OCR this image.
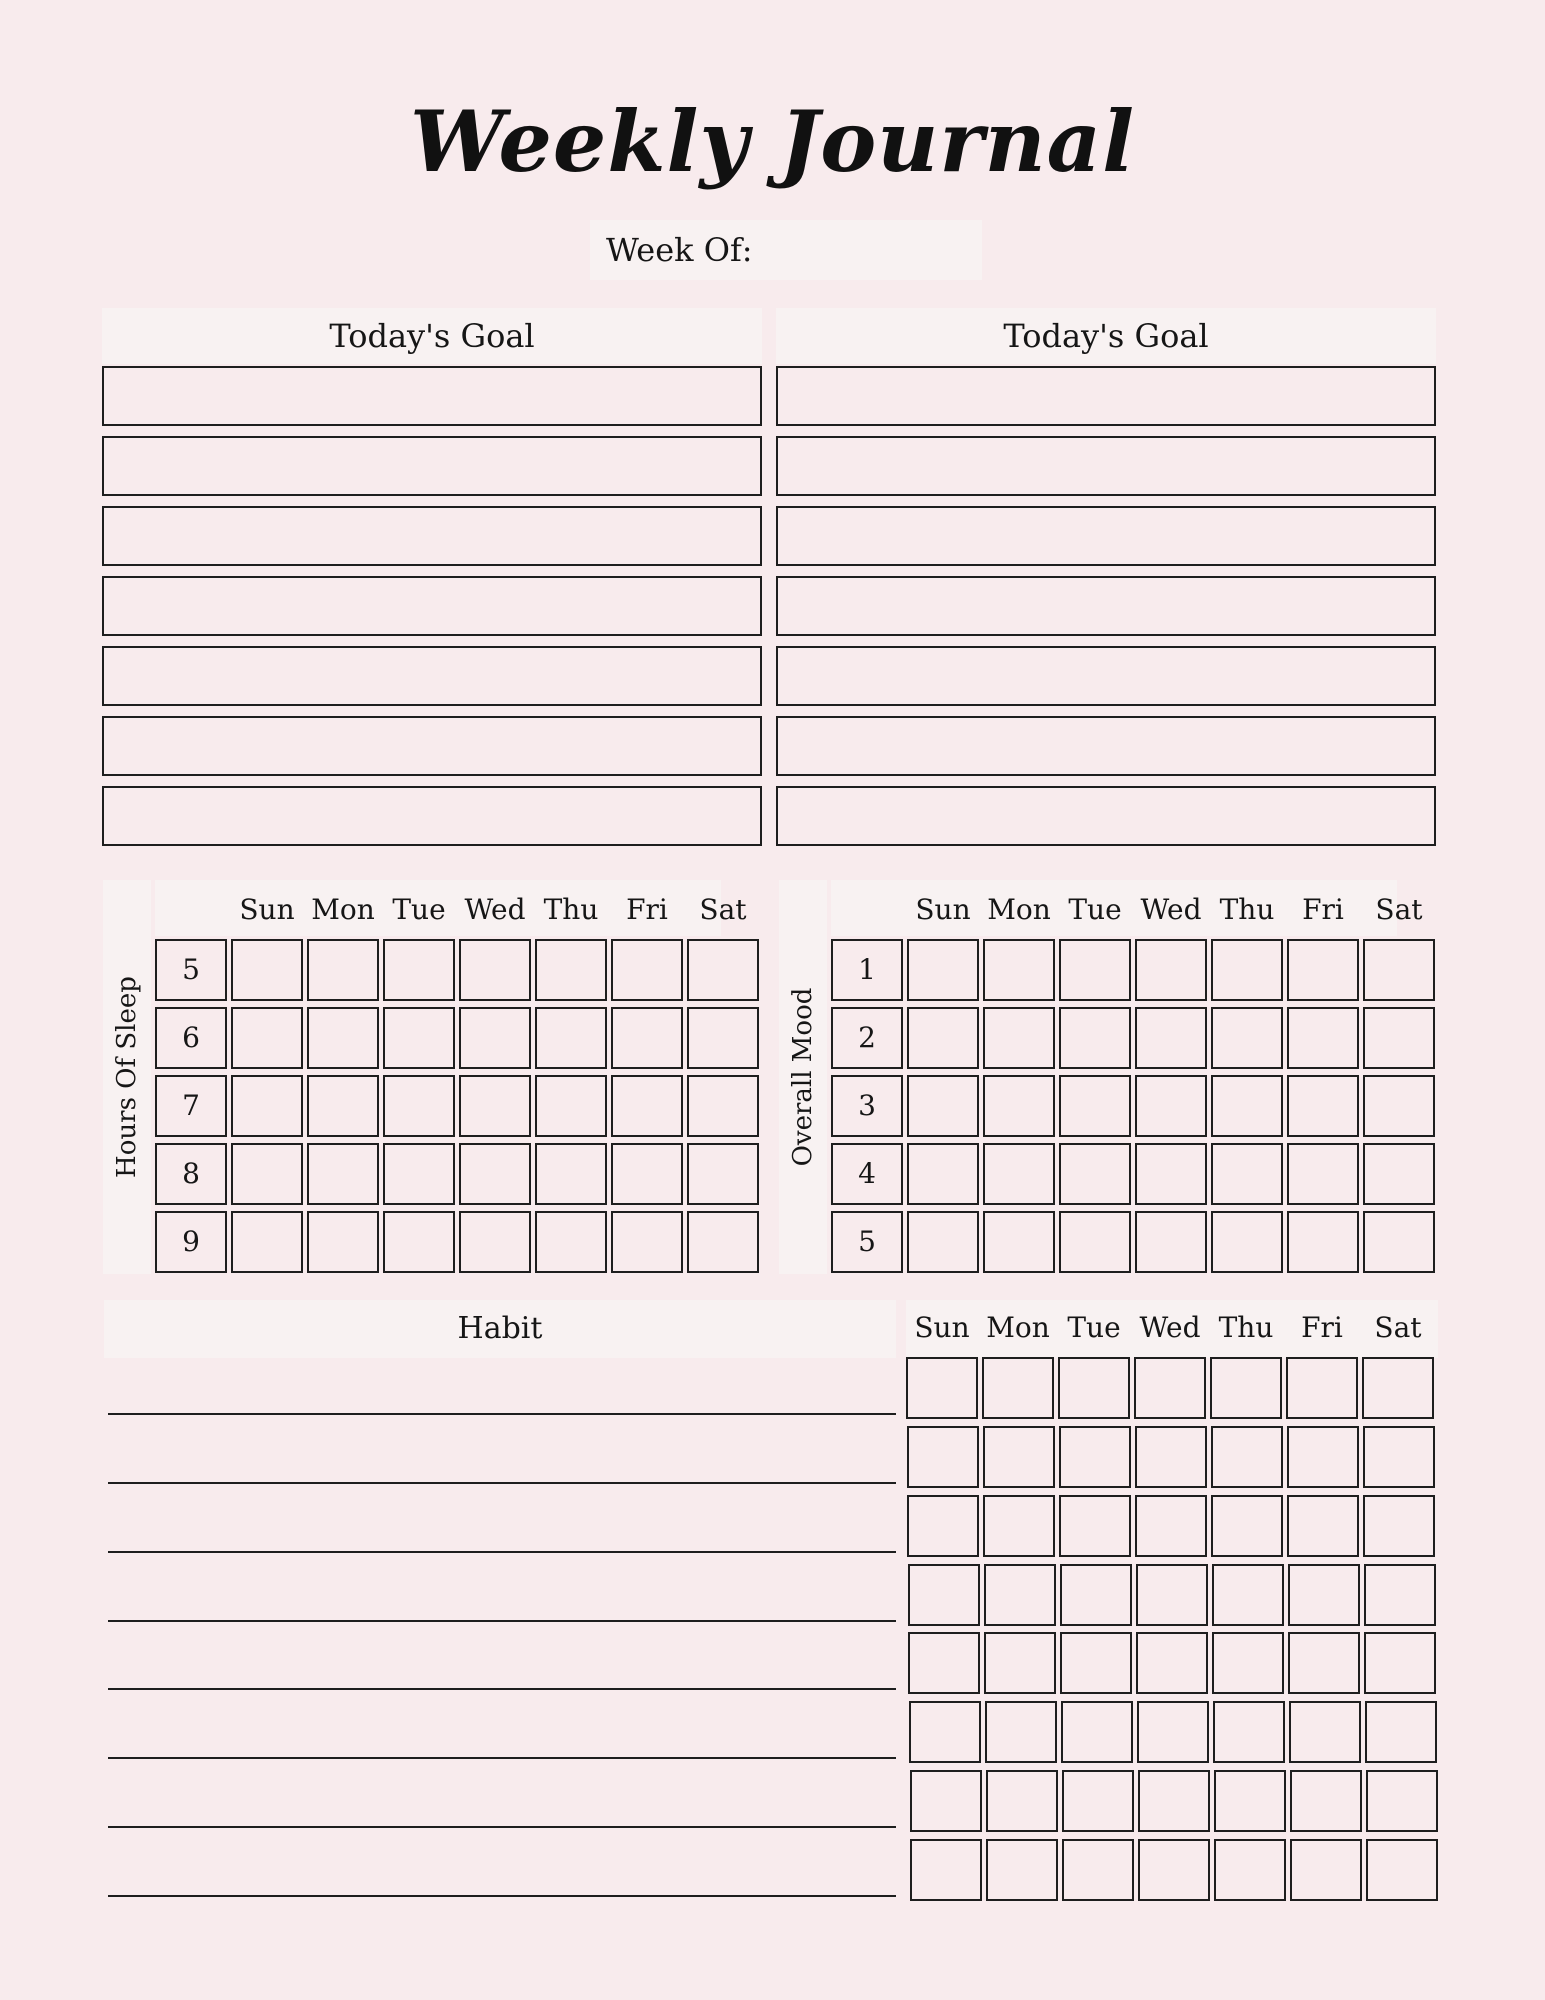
Weekly Journal
Week Of:
Today's Goal	Today's Goal
Hours Of Sleep
Sun Mon Tue Wed Thu Fri	Sat
5
6
7
8
9
Overall Mood
Sun Mon Tue Wed Thu Fri	Sat
1
2
3
4
5
Habit	Sun Mon Tue Wed Thu Fri	Sat
